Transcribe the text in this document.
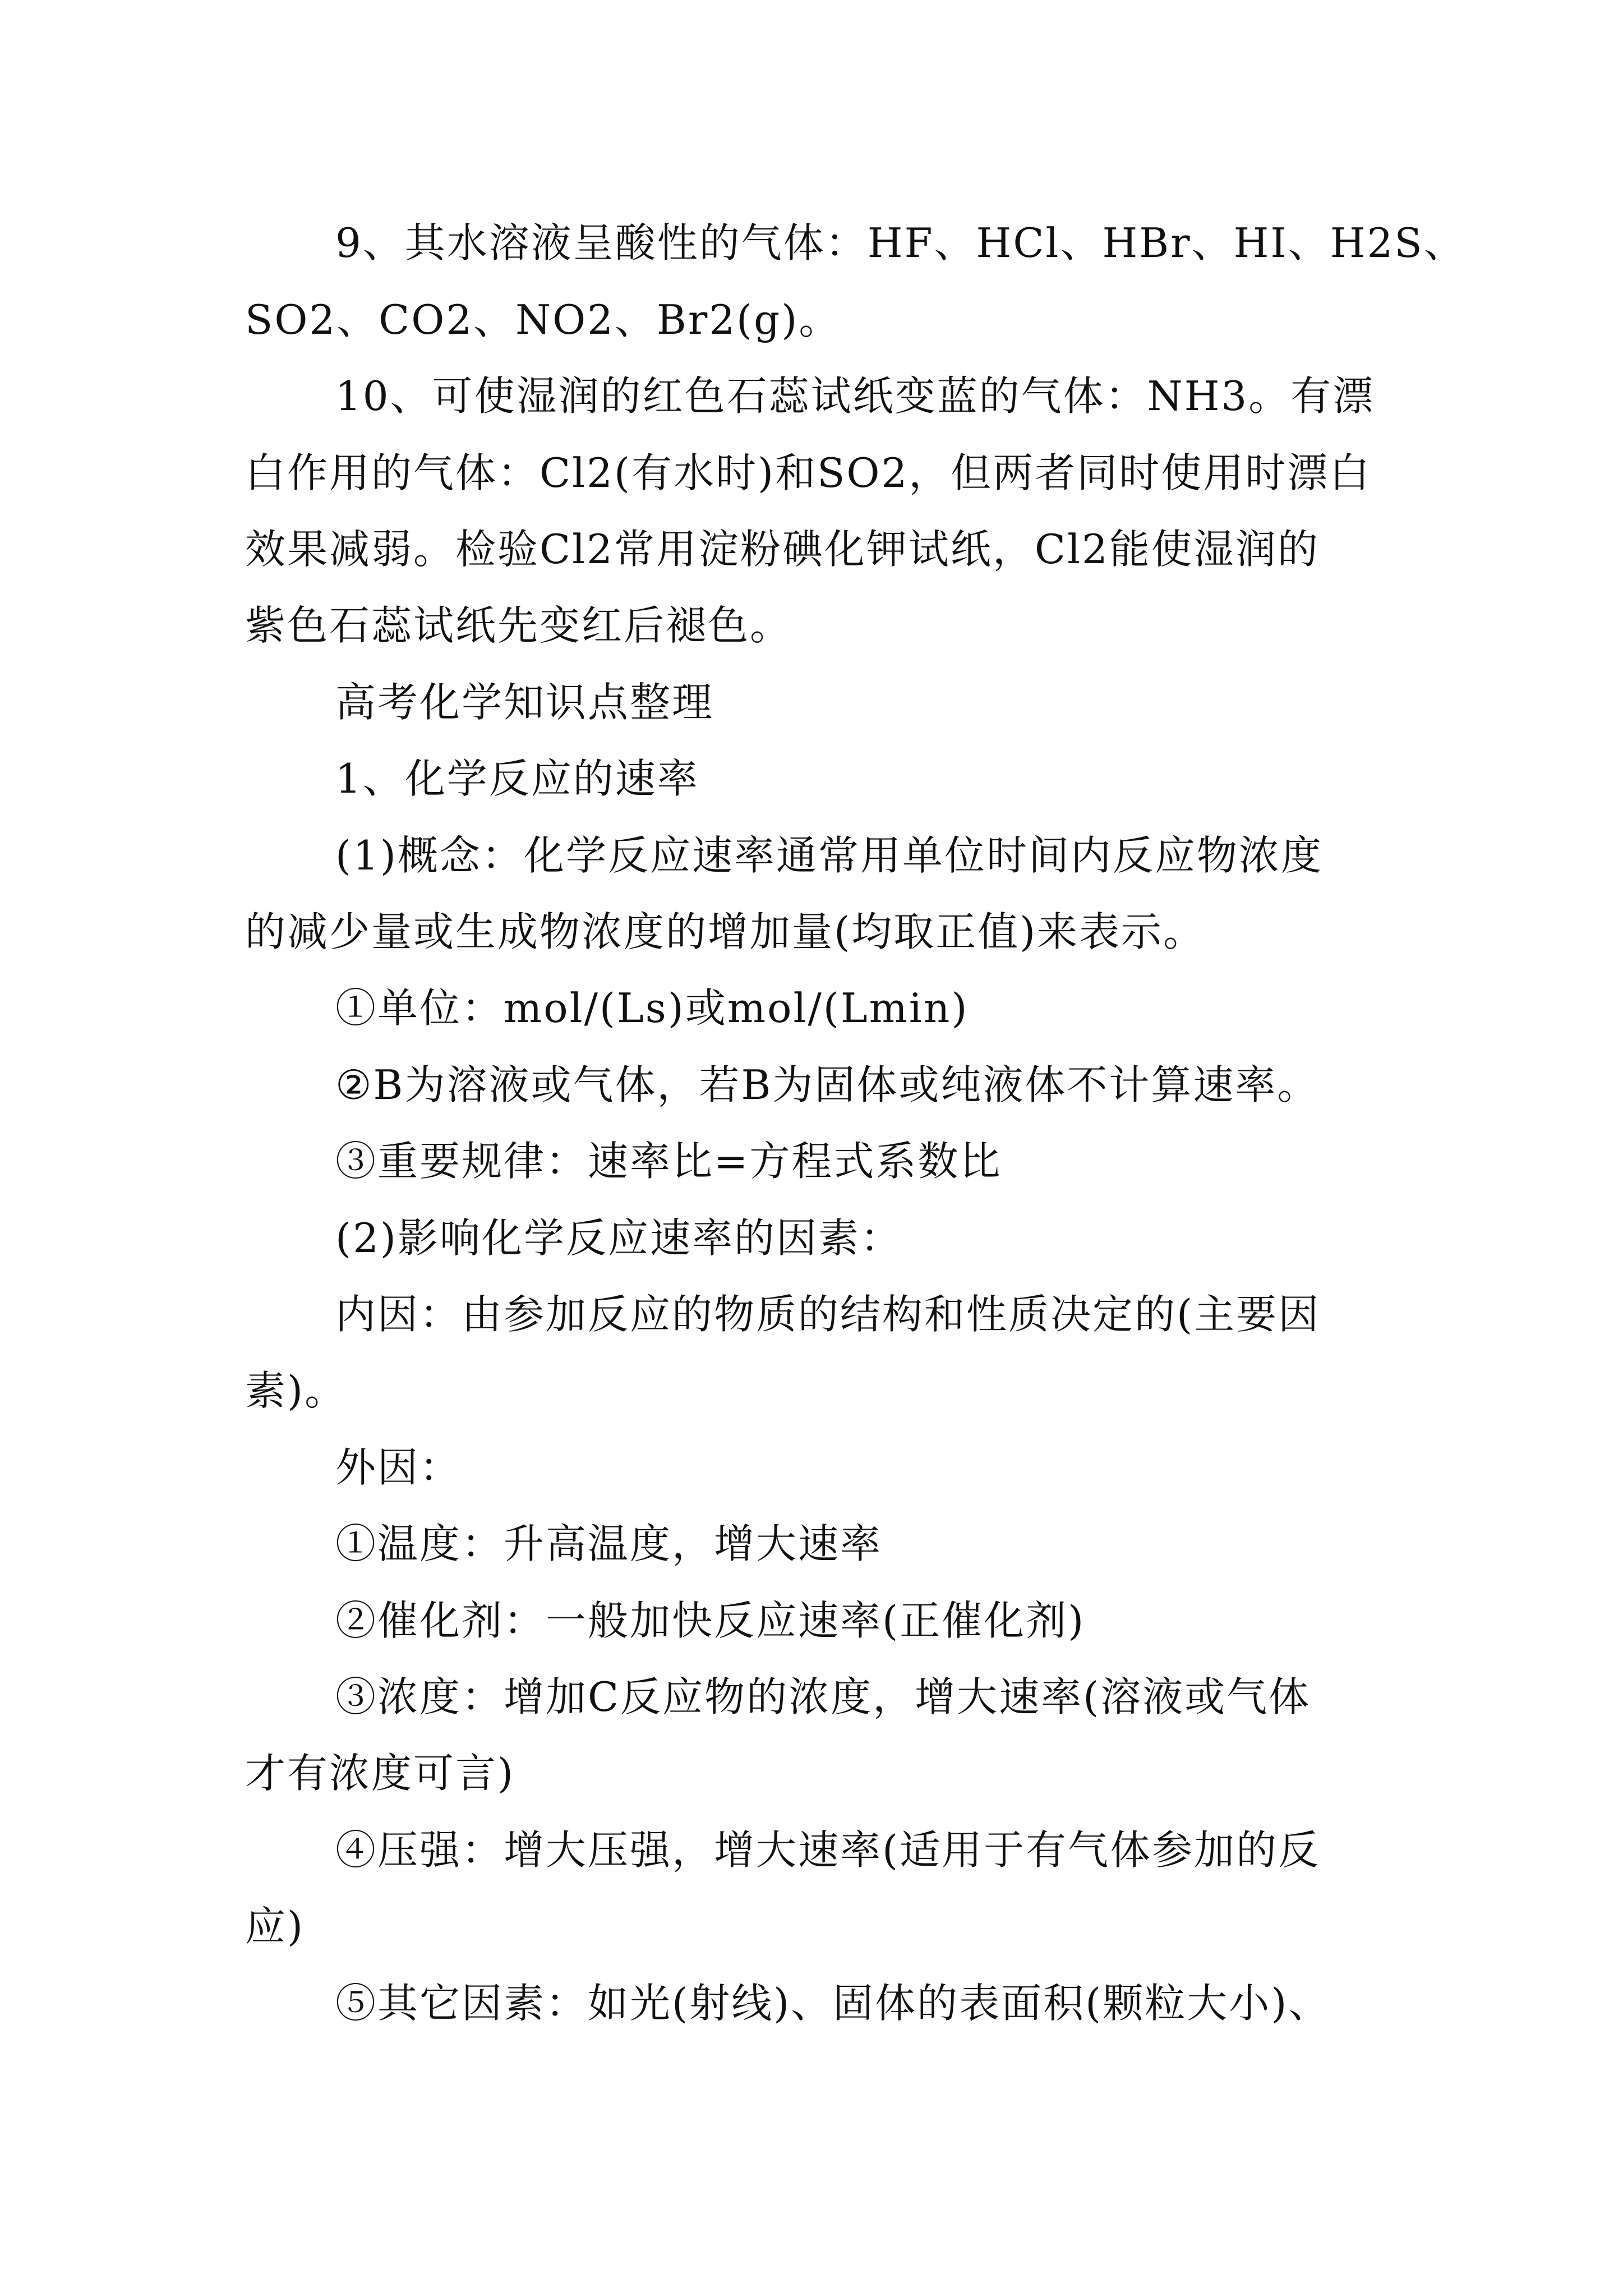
9、其水溶液呈酸性的气体：HF、HCl、HBr、HI、H2S、
SO2、CO2、NO2、Br2(g)。
10、可使湿润的红色石蕊试纸变蓝的气体：NH3。有漂
白作用的气体：Cl2(有水时)和SO2，但两者同时使用时漂白
效果减弱。检验Cl2常用淀粉碘化钾试纸，Cl2能使湿润的
紫色石蕊试纸先变红后褪色。
高考化学知识点整理
1、化学反应的速率
(1)概念：化学反应速率通常用单位时间内反应物浓度
的减少量或生成物浓度的增加量(均取正值)来表示。
①单位：mol/(Ls)或mol/(Lmin)
②B为溶液或气体，若B为固体或纯液体不计算速率。
③重要规律：速率比=方程式系数比
(2)影响化学反应速率的因素：
内因：由参加反应的物质的结构和性质决定的(主要因
素)。
外因：
①温度：升高温度，增大速率
②催化剂：一般加快反应速率(正催化剂)
③浓度：增加C反应物的浓度，增大速率(溶液或气体
才有浓度可言)
④压强：增大压强，增大速率(适用于有气体参加的反
应)
⑤其它因素：如光(射线)、固体的表面积(颗粒大小)、
